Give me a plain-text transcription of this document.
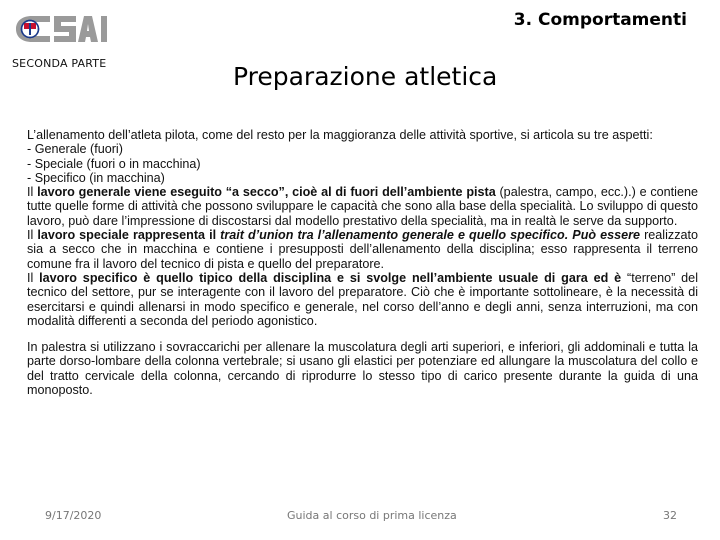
SECONDA PARTE
3. Comportamenti
Preparazione atletica

L’allenamento dell’atleta pilota, come del resto per la maggioranza delle attività sportive, si articola su tre aspetti:

- Generale (fuori)

- Speciale (fuori o in macchina)

- Specifico (in macchina)

Il lavoro generale viene eseguito “a secco”, cioè al di fuori dell’ambiente pista (palestra, campo, ecc.).) e contiene tutte quelle forme di attività che possono sviluppare le capacità che sono alla base della specialità. Lo sviluppo di questo lavoro, può dare l’impressione di discostarsi dal modello prestativo della specialità, ma in realtà le serve da supporto.

Il lavoro speciale rappresenta il trait d’union tra l’allenamento generale e quello specifico. Può essere realizzato sia a secco che in macchina e contiene i presupposti dell’allenamento della disciplina; esso rappresenta il terreno comune fra il lavoro del tecnico di pista e quello del preparatore.

Il lavoro specifico è quello tipico della disciplina e si svolge nell’ambiente usuale di gara ed è “terreno” del tecnico del settore, pur se interagente con il lavoro del preparatore. Ciò che è importante sottolineare, è la necessità di esercitarsi e quindi allenarsi in modo specifico e generale, nel corso dell’anno e degli anni, senza interruzioni, ma con modalità differenti a seconda del periodo agonistico.

In palestra si utilizzano i sovraccarichi per allenare la muscolatura degli arti superiori, e inferiori, gli addominali e tutta la parte dorso-lombare della colonna vertebrale; si usano gli elastici per potenziare ed allungare la muscolatura del collo e del tratto cervicale della colonna, cercando di riprodurre lo stesso tipo di carico presente durante la guida di una monoposto.

9/17/2020	Guida al corso di prima licenza	32
